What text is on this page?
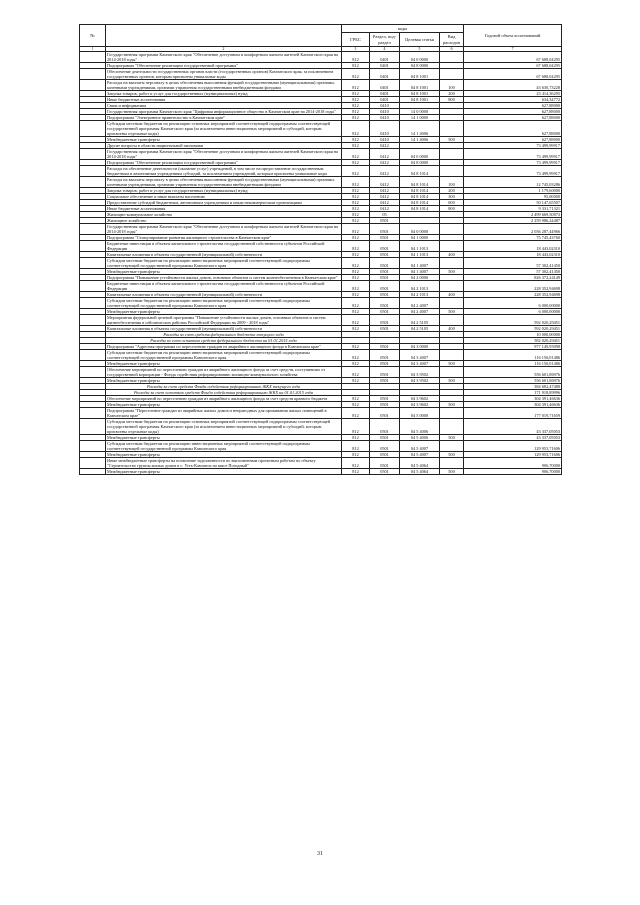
№		коды				Годовой объем ассигнований
		ГРБС	Раздел, под-раздел	Целевая статья	Вид расходов	
1	2	3	4	5	6	7
	Государственная программа Камчатского края "Обеспечение доступным и комфортным жильем жителей Камчатского края на 2014-2018 годы"	812	0401	04 0 0000		67 688,04295
	Подпрограмма "Обеспечение реализации государственной программы"	812	0401	04 8 0000		67 688,04295
	Обеспечение деятельности государственных органов власти (государственных органов) Камчатского края, за исключением государственных органов, которым присвоены уникальные коды	812	0401	04 8 1001		67 688,04295
	Расходы на выплаты персоналу в целях обеспечения выполнения функций государственными (муниципальными) органами, казенными учреждениями, органами управления государственными внебюджетными фондами	812	0401	04 8 1001	100	43 630,73228
	Закупка товаров, работ и услуг для государственных (муниципальных) нужд	812	0401	04 8 1001	200	23 414,36295
	Иные бюджетные ассигнования	812	0401	04 8 1001	800	634,34772
	Связь и информатика	812	0410			627,88000
	Государственная программа Камчатского края "Цифровая информационное общество в Камчатском крае на 2014-2018 годы"	812	0410	14 0 0000		627,88000
	Подпрограмма "Электронное правительство в Камчатском крае"	812	0410	14 1 0000		627,88000
	Субсидии местным бюджетам на реализацию основных мероприятий соответствующей подпрограммы соответствующей государственной программы Камчатского края (за исключением инвестиционных мероприятий и субсидий, которым присвоены отдельные коды)	812	0410	14 1 4006		627,88000
	Межбюджетные трансферты	812	0410	14 1 4006	500	627,88000
	Другие вопросы в области национальной экономики	812	0412			73 499,99917
	Государственная программа Камчатского края "Обеспечение доступным и комфортным жильем жителей Камчатского края на 2014-2018 годы"	812	0412	04 0 0000		73 499,99917
	Подпрограмма "Обеспечение реализации государственной программы"	812	0412	04 8 0000		73 499,99917
	Расходы на обеспечение деятельности (оказание услуг) учреждений, в том числе на предоставление государственным бюджетным и автономным учреждениям субсидий, за исключением учреждений, которым присвоены уникальные коды	812	0412	04 8 1014		73 499,99917
	Расходы на выплаты персоналу в целях обеспечения выполнения функций государственными (муниципальными) органами, казенными учреждениями, органами управления государственными внебюджетными фондами	812	0412	04 8 1014	100	12 745,03286
	Закупка товаров, работ и услуг для государственных (муниципальных) нужд	812	0412	04 8 1014	200	1 179,60000
	Социальное обеспечение и иные выплаты населению	812	0412	04 8 1014	300	95,00000
	Предоставление субсидий бюджетным, автономным учреждениям и иным некоммерческим организациям	812	0412	04 8 1014	600	50 147,65507
	Иные бюджетные ассигнования	812	0412	04 8 1014	800	9 331,71321
	Жилищно-коммунальное хозяйство	812	05			2 499 669,50873
	Жилищное хозяйство	812	0501			2 259 986,24487
	Государственная программа Камчатского края "Обеспечение доступным и комфортным жильем жителей Камчатского края на 2014-2018 годы"	812	0501	04 0 0000		2 036 287,44966
	Подпрограмма "Стимулирование развития жилищного строительства в Камчатском крае"	812	0501	04 1 0000		75 745,43760
	Бюджетные инвестиции в объекты капитального строительства государственной собственности субъектов Российской Федерации	812	0501	04 1 1013		18 443,02310
	Капитальные вложения в объекты государственной (муниципальной) собственности	812	0501	04 1 1013	400	18 443,02310
	Субсидии местным бюджетам на реализацию инвестиционных мероприятий соответствующей подпрограммы соответствующей государственной программы Камчатского края	812	0501	04 1 4007		57 302,41450
	Межбюджетные трансферты	812	0501	04 1 4007	500	57 302,41450
	Подпрограмма "Повышение устойчивости жилых домов, основных объектов и систем жизнеобеспечения в Камчатском крае"	812	0501	04 2 0000		826 372,24149
	Бюджетные инвестиции в объекты капитального строительства государственной собственности субъектов Российской Федерации	812	0501	04 2 1013		228 352,94698
	Капитальные вложения в объекты государственной (муниципальной) собственности	812	0501	04 2 1013	400	228 352,94698
	Субсидии местным бюджетам на реализацию инвестиционных мероприятий соответствующей подпрограммы соответствующей государственной программы Камчатского края	812	0501	04 2 4007		6 000,00000
	Межбюджетные трансферты	812	0501	04 2 4007	500	6 000,00000
	Мероприятия федеральной целевой программы "Повышение устойчивости жилых домов, основных объектов и систем жизнеобеспечения в сейсмических районах Российской Федерации на 2009 - 2018 годы"	812	0501	04 2 5105		592 020,29451
	Капитальные вложения в объекты государственной (муниципальной) собственности	812	0501	04 2 5105	400	592 020,29451
	Расходы за счет средств федерального бюджета текущего года					10 000,00000
	Расходы за счет остатков средств федерального бюджета на 01.01.2015 года					582 020,29451
	Подпрограмма "Адресная программа по переселению граждан из аварийного жилищного фонда в Камчатском крае"	812	0501	04 3 0000		977 149,95098
	Субсидии местным бюджетам на реализацию инвестиционных мероприятий соответствующей подпрограммы соответствующей государственной программы Камчатского края	812	0501	04 3 4007		116 156,01486
	Межбюджетные трансферты	812	0501	04 3 4007	500	116 156,01486
	Обеспечение мероприятий по переселению граждан из аварийного жилищного фонда за счет средств, поступивших от государственной корпорации - Фонда содействия реформированию жилищно-коммунального хозяйства	812	0501	04 3 9502		556 601,86976
	Межбюджетные трансферты	812	0501	04 3 9502	500	556 601,86976
	Расходы за счет средств Фонда содействия реформированию ЖКХ текущего года					384 682,47488
	Расходы за счет остатков средств Фонда содействия реформированию ЖКХ на 01.01.2015 года					171 918,89996
	Обеспечение мероприятий по переселению граждан из аварийного жилищного фонда за счет средств краевого бюджета	812	0501	04 3 9602		304 391,46636
	Межбюджетные трансферты	812	0501	04 3 9602	500	304 391,46636
	Подпрограмма "Переселение граждан из аварийных жилых домов и непригодных для проживания жилых помещений в Камчатском крае"	812	0501	04 5 0000		177 019,71659
	Субсидии местным бюджетам на реализацию основных мероприятий соответствующей подпрограммы соответствующей государственной программы Камчатского края (за исключением инвестиционных мероприятий и субсидий, которым присвоены отдельные коды)	812	0501	04 5 4006		43 337,05053
	Межбюджетные трансферты	812	0501	04 5 4006	500	43 337,05053
	Субсидии местным бюджетам на реализацию инвестиционных мероприятий соответствующей подпрограммы соответствующей государственной программы Камчатского края	812	0501	04 5 4007		129 953,71606
	Межбюджетные трансферты	812	0501	04 5 4007	500	129 953,71606
	Иные межбюджетные трансферты на погашение задолженности по выполненным проектным работам по объекту "Строительство группы жилых домов в с. Усть-Камчатск на мысе Погодный"	812	0501	04 5 4064		906,70000
	Межбюджетные трансферты	812	0501	04 5 4064	500	906,70000
31
